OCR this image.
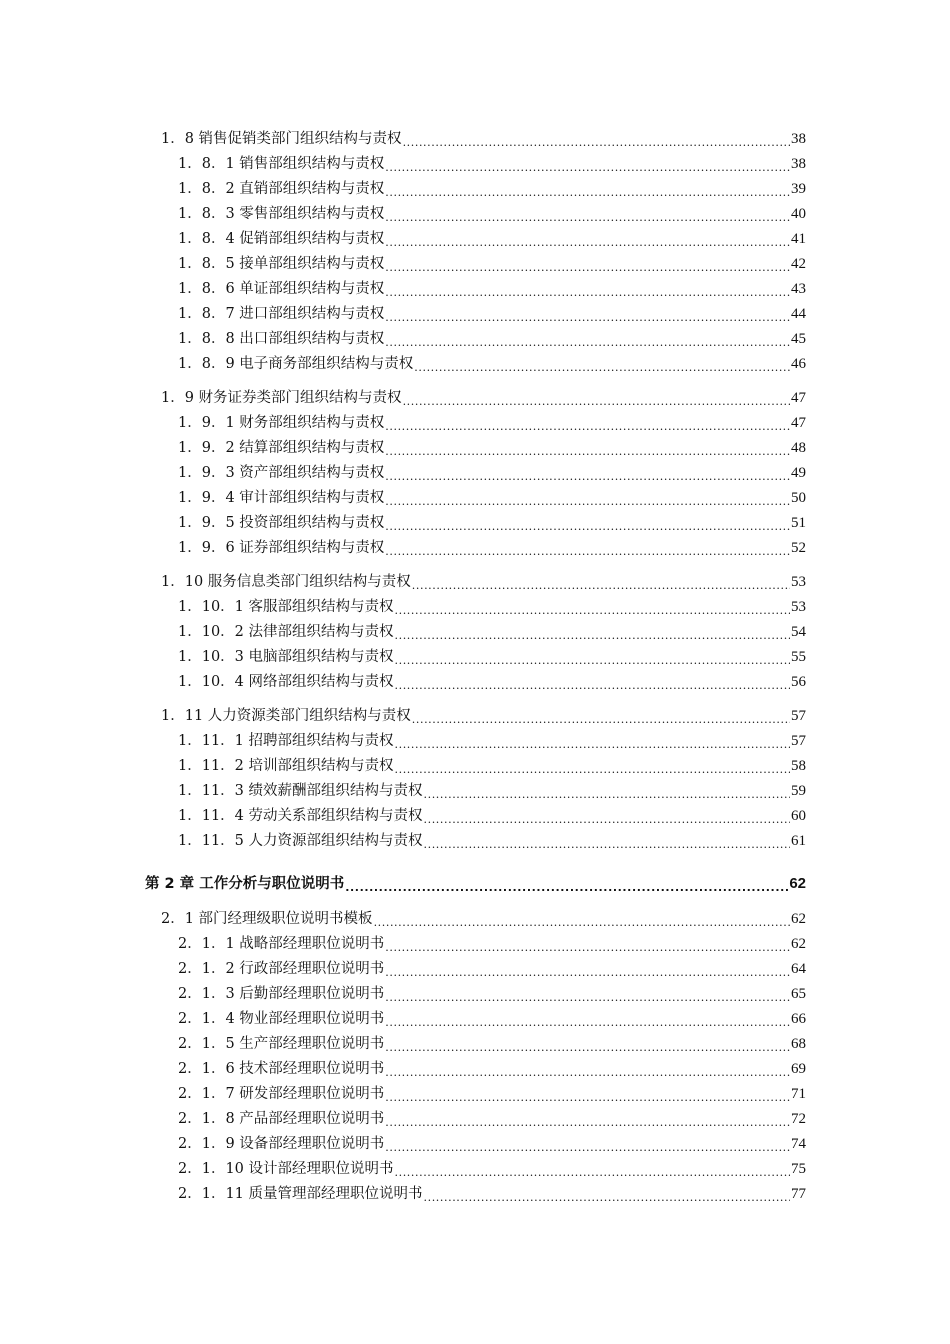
1．8 销售促销类部门组织结构与责权 .....	38
1．8．1 销售部组织结构与责权 .....	38
1．8．2 直销部组织结构与责权 .....	39
1．8．3 零售部组织结构与责权 .....	40
1．8．4 促销部组织结构与责权 .....	41
1．8．5 接单部组织结构与责权 .....	42
1．8．6 单证部组织结构与责权 .....	43
1．8．7 进口部组织结构与责权 .....	44
1．8．8 出口部组织结构与责权 .....	45
1．8．9 电子商务部组织结构与责权 .....	46
1．9 财务证券类部门组织结构与责权 .....	47
1．9．1 财务部组织结构与责权 .....	47
1．9．2 结算部组织结构与责权 .....	48
1．9．3 资产部组织结构与责权 .....	49
1．9．4 审计部组织结构与责权 .....	50
1．9．5 投资部组织结构与责权 .....	51
1．9．6 证券部组织结构与责权 .....	52
1．10 服务信息类部门组织结构与责权 .....	53
1．10．1 客服部组织结构与责权 .....	53
1．10．2 法律部组织结构与责权 .....	54
1．10．3 电脑部组织结构与责权 .....	55
1．10．4 网络部组织结构与责权 .....	56
1．11 人力资源类部门组织结构与责权 .....	57
1．11．1 招聘部组织结构与责权 .....	57
1．11．2 培训部组织结构与责权 .....	58
1．11．3 绩效薪酬部组织结构与责权 .....	59
1．11．4 劳动关系部组织结构与责权 .....	60
1．11．5 人力资源部组织结构与责权 .....	61
第 2 章 工作分析与职位说明书 .....	62
2．1 部门经理级职位说明书模板 .....	62
2．1．1 战略部经理职位说明书 .....	62
2．1．2 行政部经理职位说明书 .....	64
2．1．3 后勤部经理职位说明书 .....	65
2．1．4 物业部经理职位说明书 .....	66
2．1．5 生产部经理职位说明书 .....	68
2．1．6 技术部经理职位说明书 .....	69
2．1．7 研发部经理职位说明书 .....	71
2．1．8 产品部经理职位说明书 .....	72
2．1．9 设备部经理职位说明书 .....	74
2．1．10 设计部经理职位说明书 .....	75
2．1．11 质量管理部经理职位说明书 .....	77
